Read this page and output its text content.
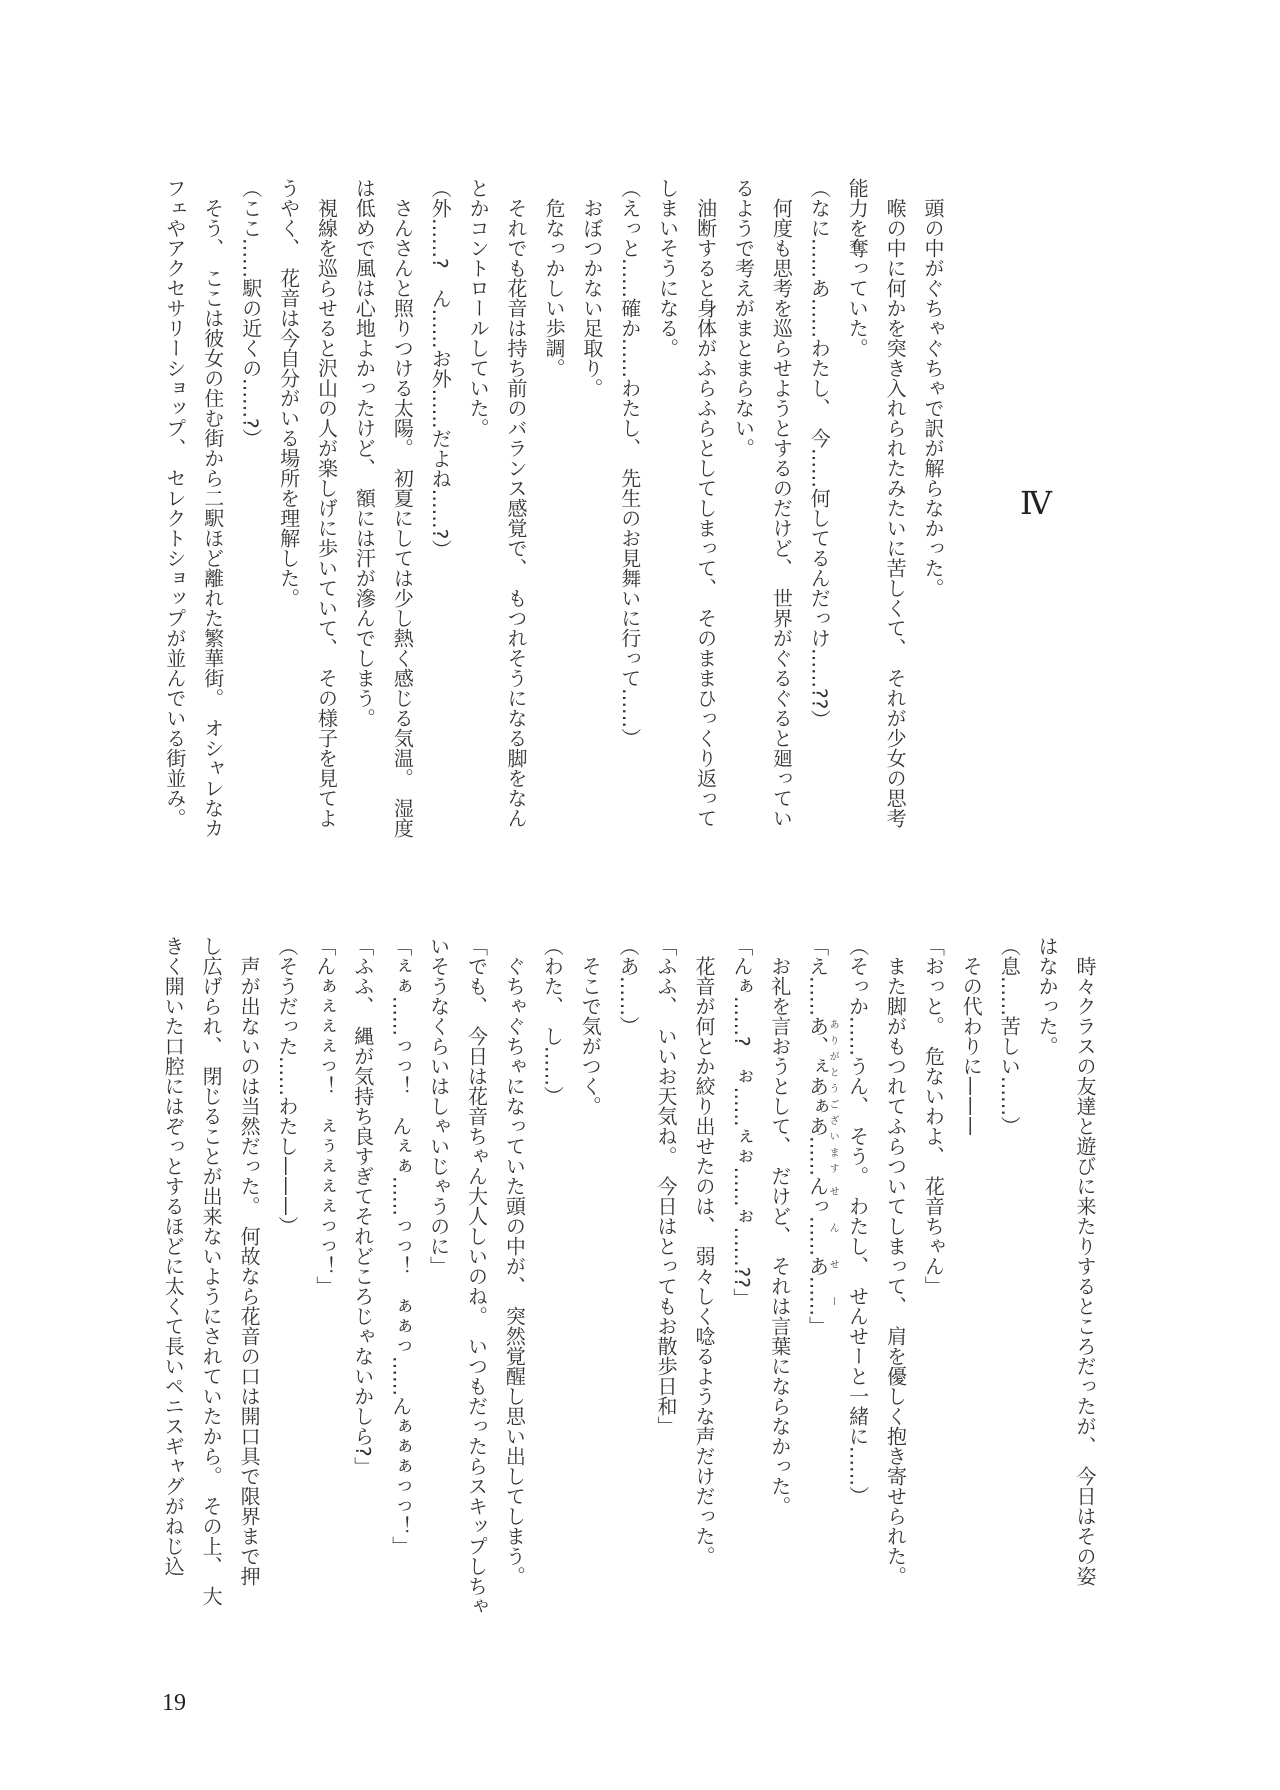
Ⅳ
頭の中がぐちゃぐちゃで訳が解らなかった。
喉の中に何かを突き入れられたみたいに苦しくて、　それが少女の思考
能力を奪っていた。
（なに……あ……わたし、　今……何してるんだっけ……??）
何度も思考を巡らせようとするのだけど、　世界がぐるぐると廻ってい
るようで考えがまとまらない。
油断すると身体がふらふらとしてしまって、　そのままひっくり返って
しまいそうになる。
（えっと……確か……わたし、　先生のお見舞いに行って……）
おぼつかない足取り。
危なっかしい歩調。
それでも花音は持ち前のバランス感覚で、　もつれそうになる脚をなん
とかコントロールしていた。
（外……?　ん……お外……だよね……?）
さんさんと照りつける太陽。　初夏にしては少し熱く感じる気温。　湿度
は低めで風は心地よかったけど、　額には汗が滲んでしまう。
視線を巡らせると沢山の人が楽しげに歩いていて、　その様子を見てよ
うやく、　花音は今自分がいる場所を理解した。
（ここ……駅の近くの……?）
そう、　ここは彼女の住む街から二駅ほど離れた繁華街。　オシャレなカ
フェやアクセサリーショップ、　セレクトショップが並んでいる街並み。
時々クラスの友達と遊びに来たりするところだったが、　今日はその姿
はなかった。
（息……苦しい……）
その代わりに———
「おっと。　危ないわよ、　花音ちゃん」
また脚がもつれてふらついてしまって、　肩を優しく抱き寄せられた。
（そっか……うん、　そう。　わたし、　せんせーと一緒に……）
「え……あ、ぇあぁあ……ありがとうございますんっ……あ……せんせー」
お礼を言おうとして、　だけど、　それは言葉にならなかった。
「んぁ……?　ぉ……ぇぉ……ぉ……??」
花音が何とか絞り出せたのは、　弱々しく唸るような声だけだった。
「ふふ、　いいお天気ね。　今日はとってもお散歩日和」
（あ……）
そこで気がつく。
（わた、　し……）
ぐちゃぐちゃになっていた頭の中が、　突然覚醒し思い出してしまう。
「でも、　今日は花音ちゃん大人しいのね。　いつもだったらスキップしちゃ
いそうなくらいはしゃいじゃうのに」
「ぇぁ……っっ！　んぇぁ……っっ！　ぁぁっ……んぁぁぁっっ！」
「ふふ、　縄が気持ち良すぎてそれどころじゃないかしら?」
「んぁぇぇぇっ！　ぇぅぇぇぇっっ！」
（そうだった……わたし———）
声が出ないのは当然だった。　何故なら花音の口は開口具で限界まで押
し広げられ、　閉じることが出来ないようにされていたから。　その上、　大
きく開いた口腔にはぞっとするほどに太くて長いペニスギャグがねじ込
19
